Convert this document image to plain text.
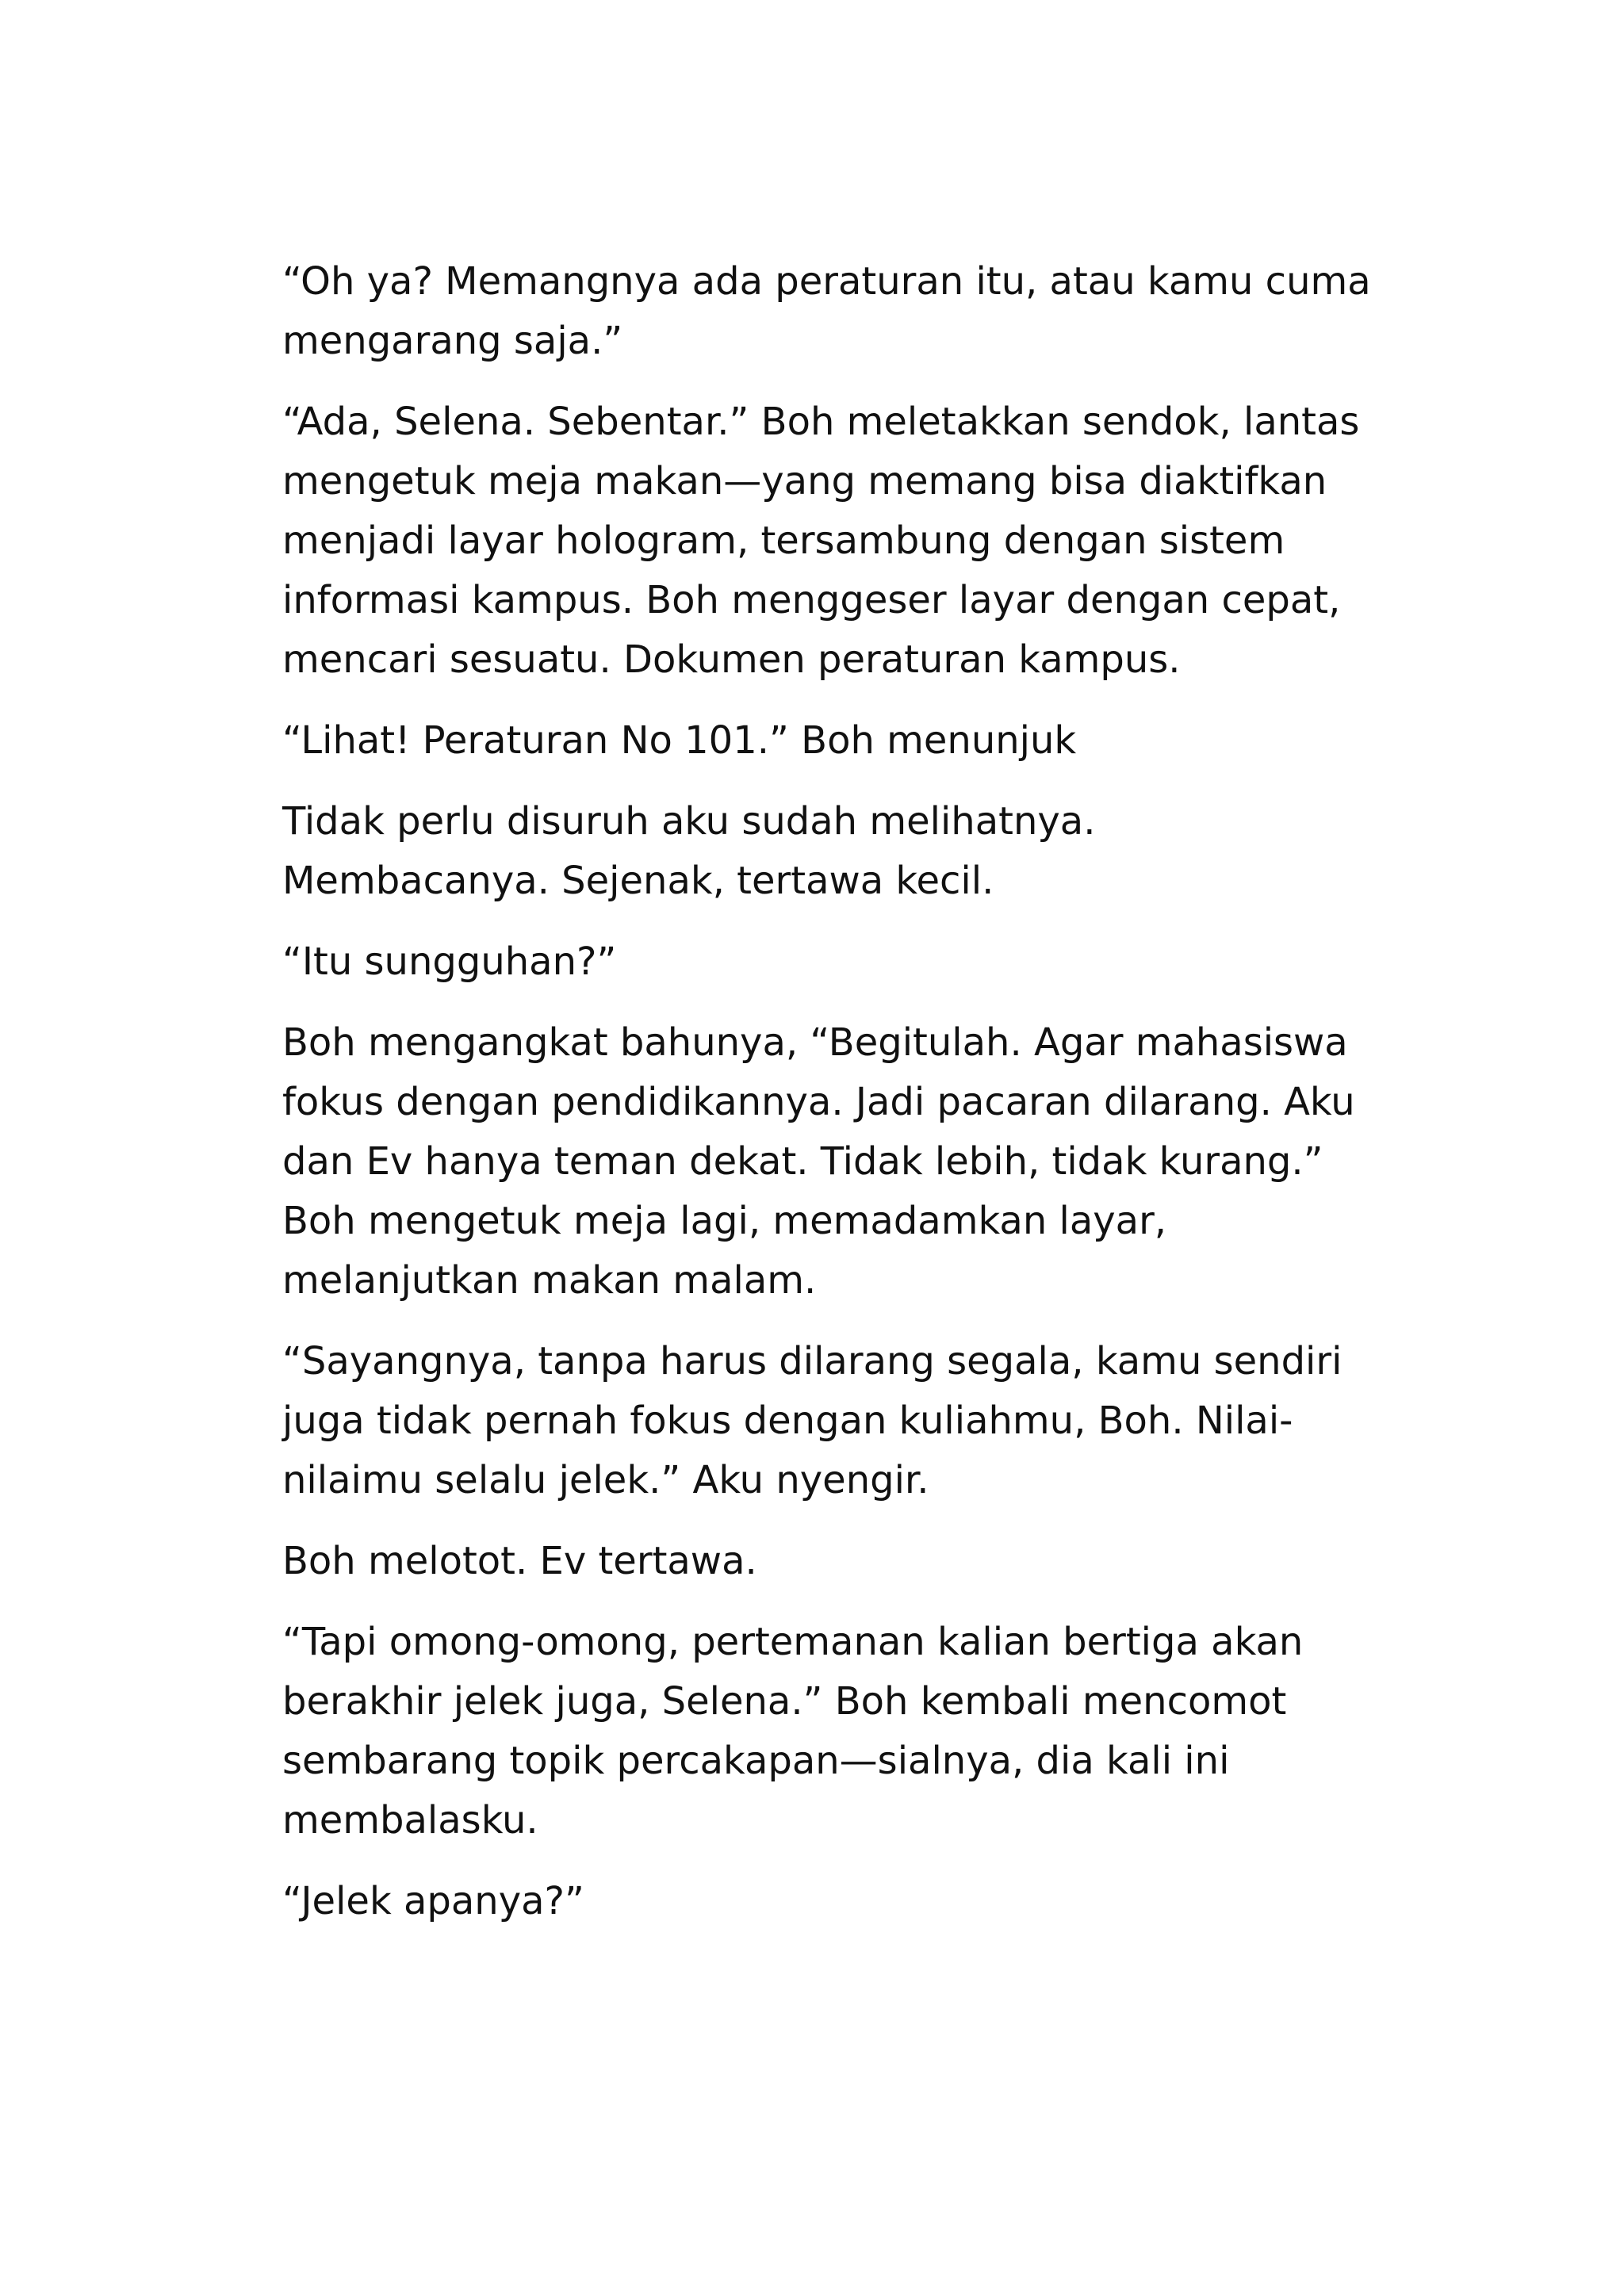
“Oh ya? Memangnya ada peraturan itu, atau kamu cuma
mengarang saja.”

“Ada, Selena. Sebentar.” Boh meletakkan sendok, lantas
mengetuk meja makan—yang memang bisa diaktifkan
menjadi layar hologram, tersambung dengan sistem
informasi kampus. Boh menggeser layar dengan cepat,
mencari sesuatu. Dokumen peraturan kampus.

“Lihat! Peraturan No 101.” Boh menunjuk

Tidak perlu disuruh aku sudah melihatnya.
Membacanya. Sejenak, tertawa kecil.

“Itu sungguhan?”

Boh mengangkat bahunya, “Begitulah. Agar mahasiswa
fokus dengan pendidikannya. Jadi pacaran dilarang. Aku
dan Ev hanya teman dekat. Tidak lebih, tidak kurang.”
Boh mengetuk meja lagi, memadamkan layar,
melanjutkan makan malam.

“Sayangnya, tanpa harus dilarang segala, kamu sendiri
juga tidak pernah fokus dengan kuliahmu, Boh. Nilai-
nilaimu selalu jelek.” Aku nyengir.

Boh melotot. Ev tertawa.

“Tapi omong-omong, pertemanan kalian bertiga akan
berakhir jelek juga, Selena.” Boh kembali mencomot
sembarang topik percakapan—sialnya, dia kali ini
membalasku.

“Jelek apanya?”
